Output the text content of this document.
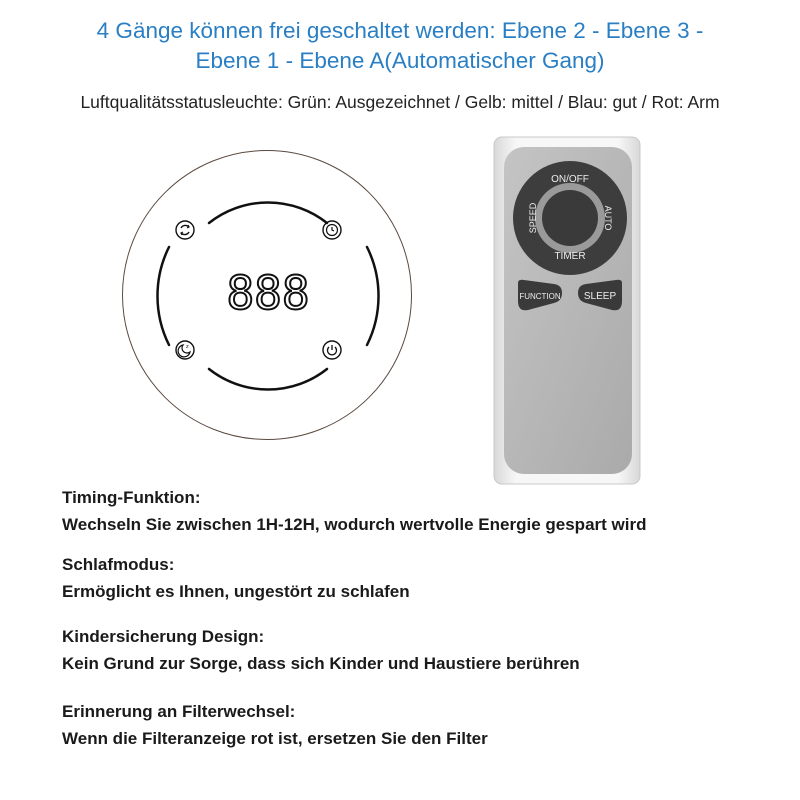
4 Gänge können frei geschaltet werden: Ebene 2 - Ebene 3 -
Ebene 1 - Ebene A(Automatischer Gang)
Luftqualitätsstatusleuchte: Grün: Ausgezeichnet / Gelb: mittel / Blau: gut / Rot: Arm
888
z
ON/OFF
TIMER
SPEED	AUTO
FUNCTION SLEEP
Timing-Funktion:
Wechseln Sie zwischen 1H-12H, wodurch wertvolle Energie gespart wird
Schlafmodus:
Ermöglicht es Ihnen, ungestört zu schlafen
Kindersicherung Design:
Kein Grund zur Sorge, dass sich Kinder und Haustiere berühren
Erinnerung an Filterwechsel:
Wenn die Filteranzeige rot ist, ersetzen Sie den Filter
